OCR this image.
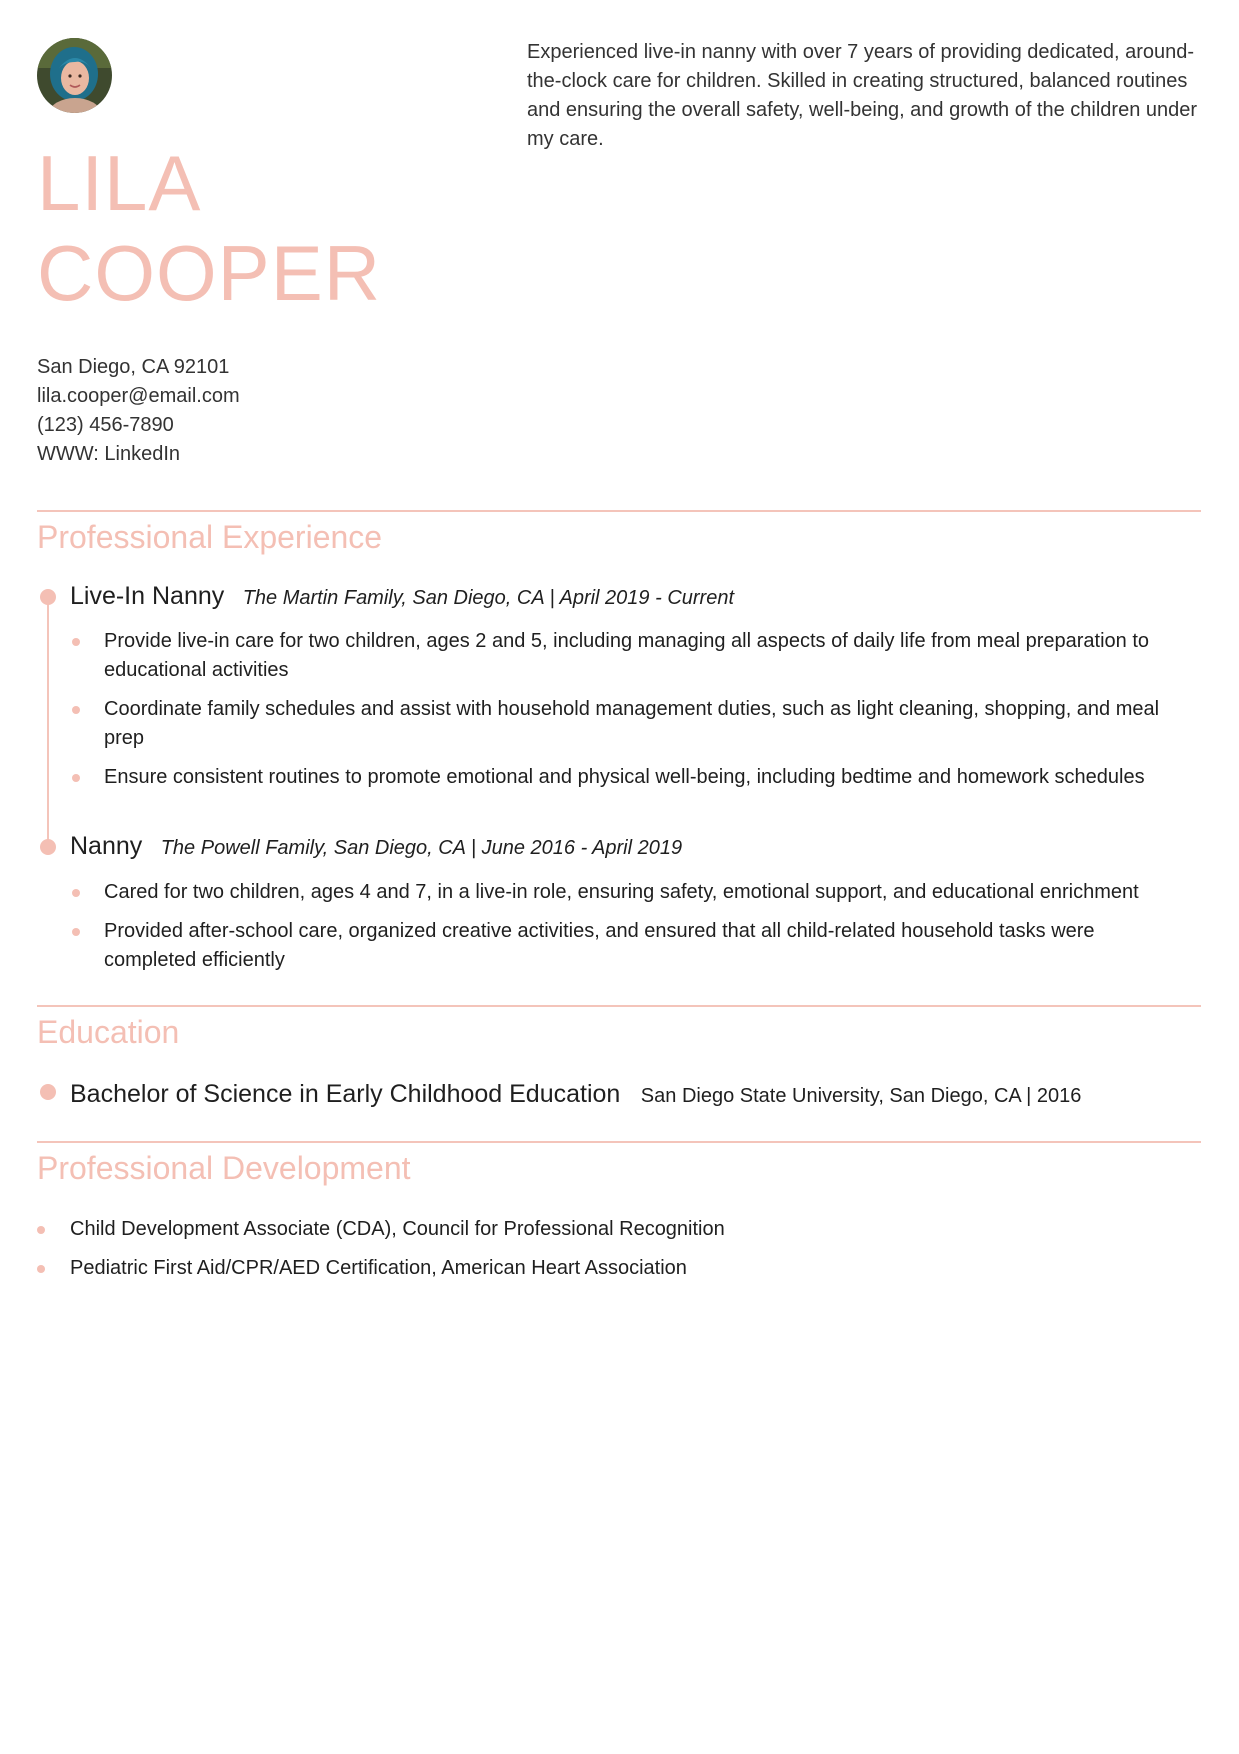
LILA
COOPER

Experienced live-in nanny with over 7 years of providing dedicated, around-the-clock care for children. Skilled in creating structured, balanced routines and ensuring the overall safety, well-being, and growth of the children under my care.

San Diego, CA 92101
lila.cooper@email.com
(123) 456-7890
WWW: LinkedIn
Professional Experience
Live-In Nanny The Martin Family, San Diego, CA | April 2019 - Current
Provide live-in care for two children, ages 2 and 5, including managing all aspects of daily life from meal preparation to educational activities
Coordinate family schedules and assist with household management duties, such as light cleaning, shopping, and meal prep
Ensure consistent routines to promote emotional and physical well-being, including bedtime and homework schedules
Nanny The Powell Family, San Diego, CA | June 2016 - April 2019
Cared for two children, ages 4 and 7, in a live-in role, ensuring safety, emotional support, and educational enrichment
Provided after-school care, organized creative activities, and ensured that all child-related household tasks were completed efficiently
Education
Bachelor of Science in Early Childhood Education San Diego State University, San Diego, CA | 2016
Professional Development
Child Development Associate (CDA), Council for Professional Recognition
Pediatric First Aid/CPR/AED Certification, American Heart Association
